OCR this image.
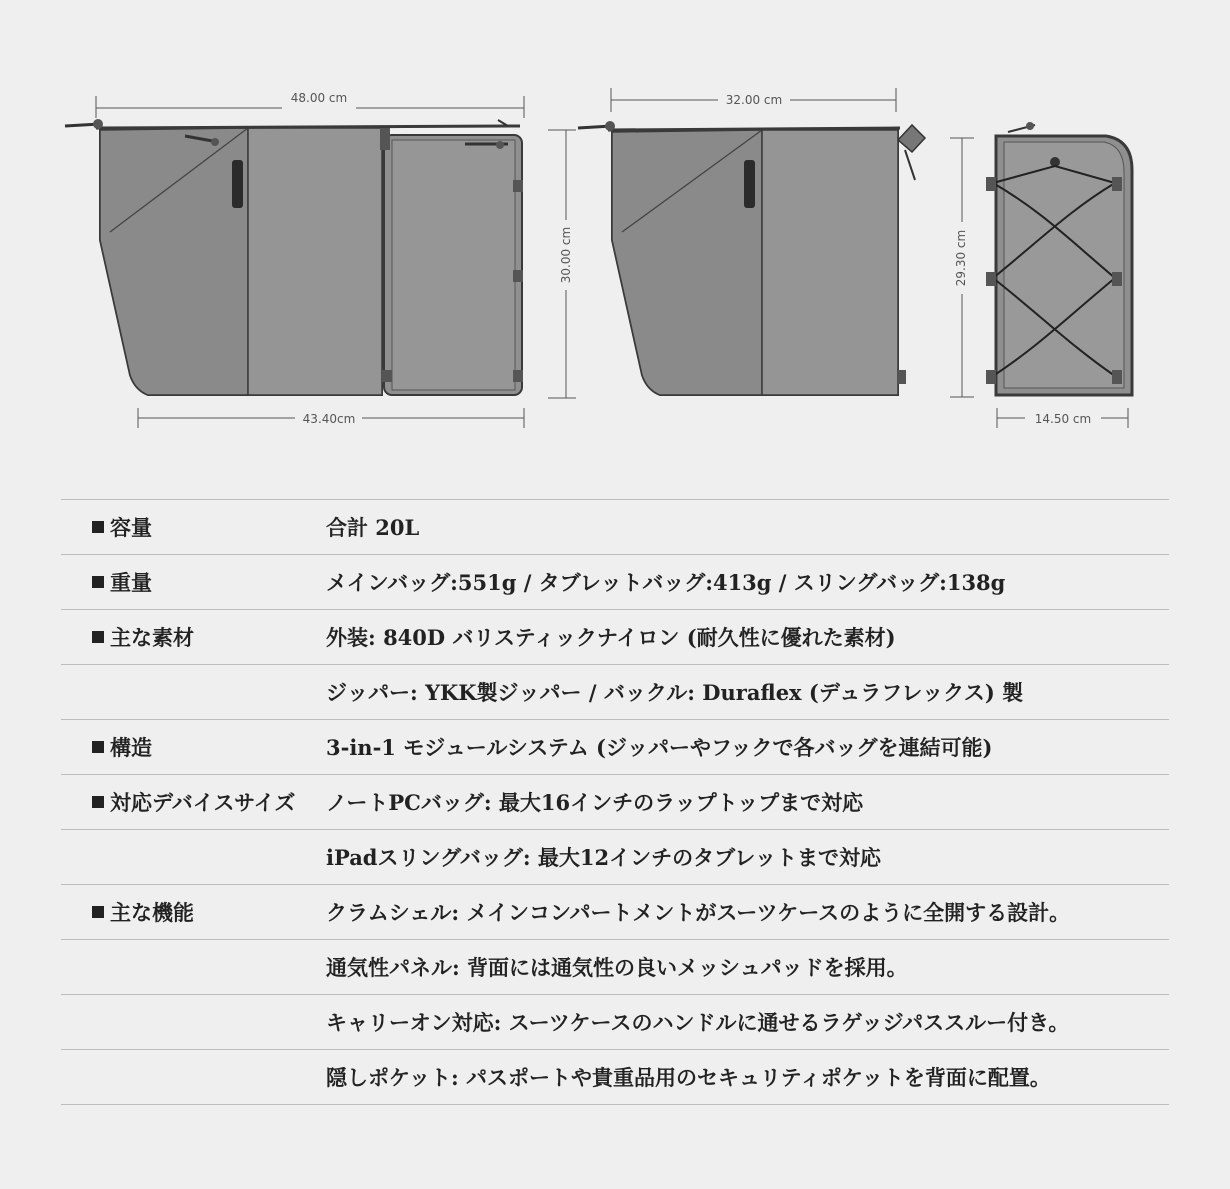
48.00 cm
30.00 cm
43.40cm
32.00 cm
29.30 cm
14.50 cm
容量	合計 20L
重量	メインバッグ:551g / タブレットバッグ:413g / スリングバッグ:138g
主な素材	外装: 840D バリスティックナイロン (耐久性に優れた素材)
ジッパー: YKK製ジッパー / バックル: Duraflex (デュラフレックス) 製
構造	3-in-1 モジュールシステム (ジッパーやフックで各バッグを連結可能)
対応デバイスサイズ ノートPCバッグ: 最大16インチのラップトップまで対応
iPadスリングバッグ: 最大12インチのタブレットまで対応
主な機能	クラムシェル: メインコンパートメントがスーツケースのように全開する設計。
通気性パネル: 背面には通気性の良いメッシュパッドを採用。
キャリーオン対応: スーツケースのハンドルに通せるラゲッジパススルー付き。
隠しポケット: パスポートや貴重品用のセキュリティポケットを背面に配置。
